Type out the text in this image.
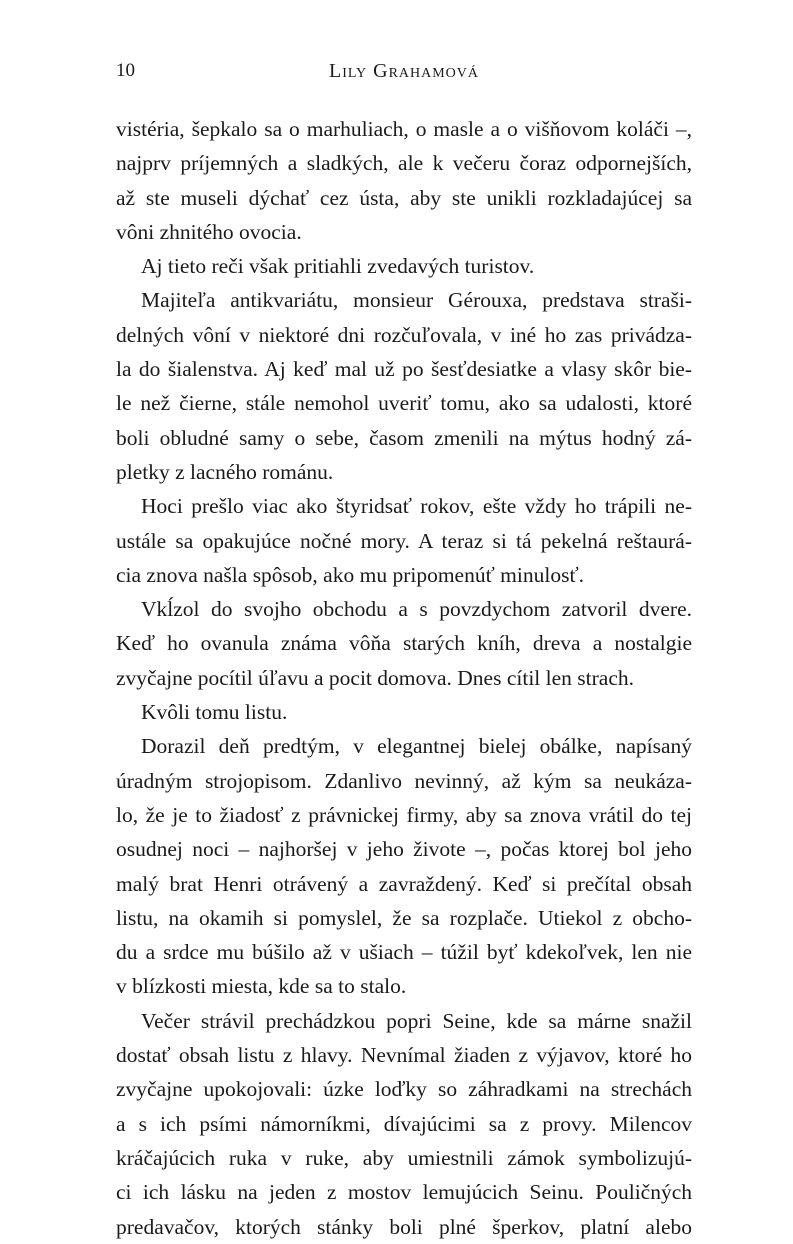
10	Lily Grahamová
vistéria, šepkalo sa o marhuliach, o masle a o višňovom koláči –,
najprv príjemných a sladkých, ale k večeru čoraz odpornejších,
až ste museli dýchať cez ústa, aby ste unikli rozkladajúcej sa
vôni zhnitého ovocia.
Aj tieto reči však pritiahli zvedavých turistov.
Majiteľa antikvariátu, monsieur Gérouxa, predstava straši-
delných vôní v niektoré dni rozčuľovala, v iné ho zas privádza-
la do šialenstva. Aj keď mal už po šesťdesiatke a vlasy skôr bie-
le než čierne, stále nemohol uveriť tomu, ako sa udalosti, ktoré
boli obludné samy o sebe, časom zmenili na mýtus hodný zá-
pletky z lacného románu.
Hoci prešlo viac ako štyridsať rokov, ešte vždy ho trápili ne-
ustále sa opakujúce nočné mory. A teraz si tá pekelná reštaurá-
cia znova našla spôsob, ako mu pripomenúť minulosť.
Vkĺzol do svojho obchodu a s povzdychom zatvoril dvere.
Keď ho ovanula známa vôňa starých kníh, dreva a nostalgie
zvyčajne pocítil úľavu a pocit domova. Dnes cítil len strach.
Kvôli tomu listu.
Dorazil deň predtým, v elegantnej bielej obálke, napísaný
úradným strojopisom. Zdanlivo nevinný, až kým sa neukáza-
lo, že je to žiadosť z právnickej firmy, aby sa znova vrátil do tej
osudnej noci – najhoršej v jeho živote –, počas ktorej bol jeho
malý brat Henri otrávený a zavraždený. Keď si prečítal obsah
listu, na okamih si pomyslel, že sa rozplače. Utiekol z obcho-
du a srdce mu búšilo až v ušiach – túžil byť kdekoľvek, len nie
v blízkosti miesta, kde sa to stalo.
Večer strávil prechádzkou popri Seine, kde sa márne snažil
dostať obsah listu z hlavy. Nevnímal žiaden z výjavov, ktoré ho
zvyčajne upokojovali: úzke loďky so záhradkami na strechách
a s ich psími námorníkmi, dívajúcimi sa z provy. Milencov
kráčajúcich ruka v ruke, aby umiestnili zámok symbolizujú-
ci ich lásku na jeden z mostov lemujúcich Seinu. Pouličných
predavačov, ktorých stánky boli plné šperkov, platní alebo
